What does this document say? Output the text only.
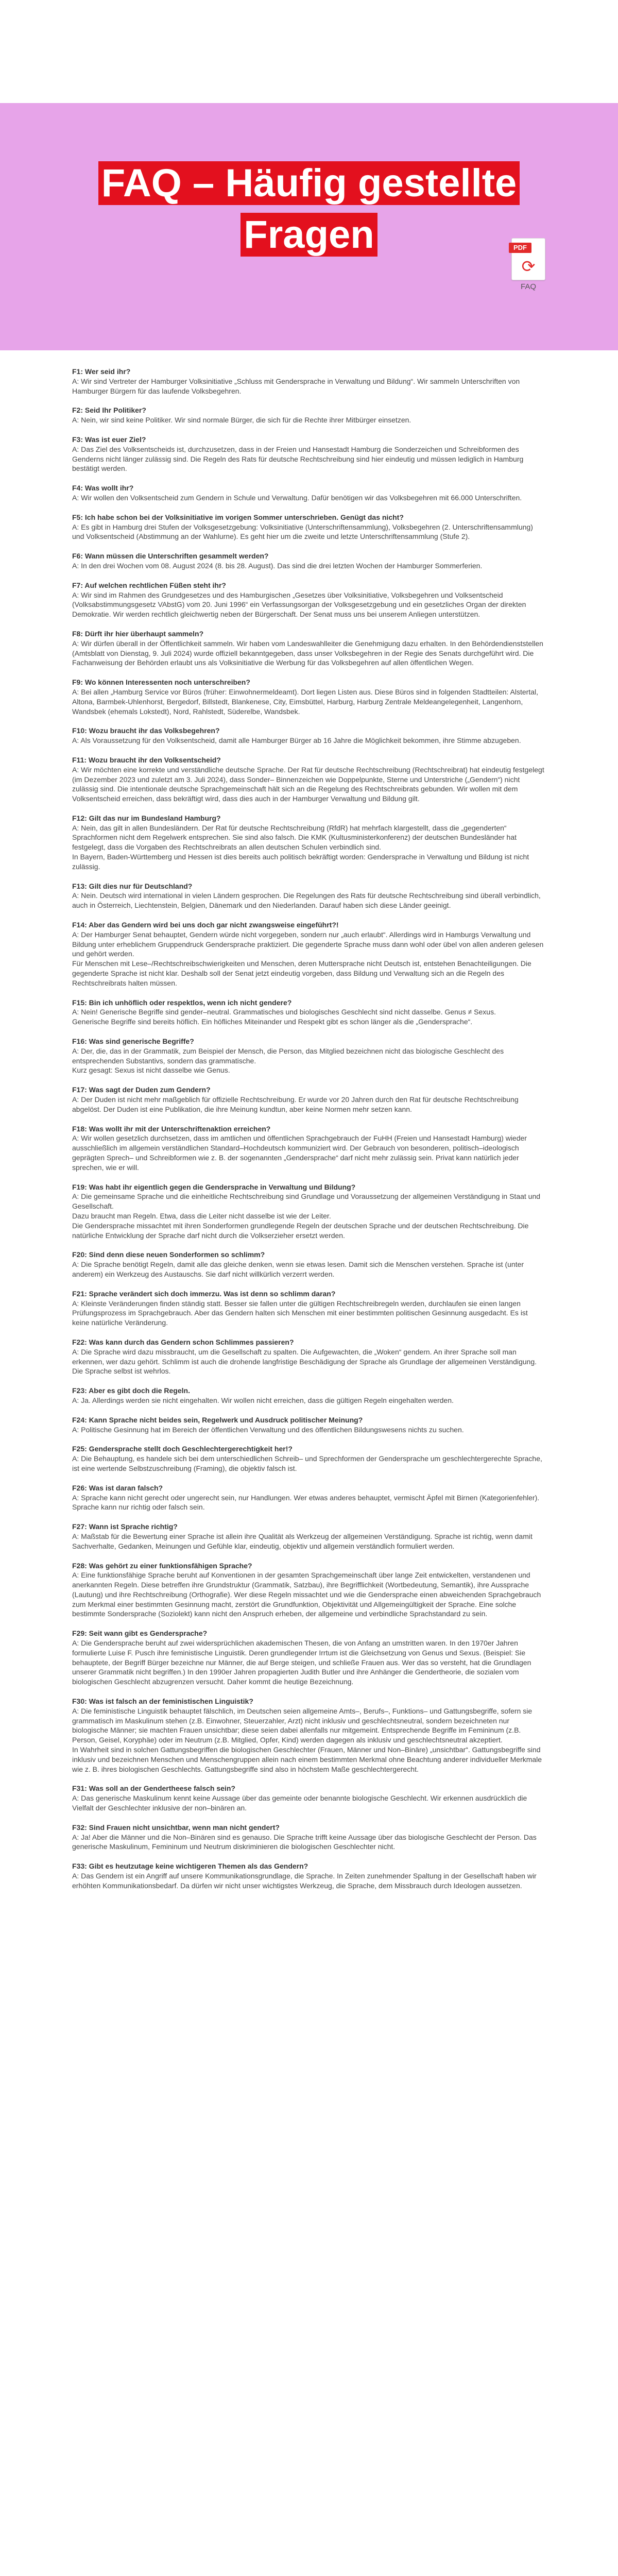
FAQ – Häufig gestellte Fragen	PDF
⟳
FAQ
F1: Wer seid ihr?
A: Wir sind Vertreter der Hamburger Volksinitiative „Schluss mit Gendersprache in Verwaltung und Bildung“. Wir sammeln Unterschriften von Hamburger Bürgern für das laufende Volksbegehren.
F2: Seid Ihr Politiker?
A: Nein, wir sind keine Politiker. Wir sind normale Bürger, die sich für die Rechte ihrer Mitbürger einsetzen.
F3: Was ist euer Ziel?
A: Das Ziel des Volksentscheids ist, durchzusetzen, dass in der Freien und Hansestadt Hamburg die Sonderzeichen und Schreibformen des Genderns nicht länger zulässig sind. Die Regeln des Rats für deutsche Rechtschreibung sind hier eindeutig und müssen lediglich in Hamburg bestätigt werden.
F4: Was wollt ihr?
A: Wir wollen den Volksentscheid zum Gendern in Schule und Verwaltung. Dafür benötigen wir das Volksbegehren mit 66.000 Unterschriften.
F5: Ich habe schon bei der Volksinitiative im vorigen Sommer unterschrieben. Genügt das nicht?
A: Es gibt in Hamburg drei Stufen der Volksgesetzgebung: Volksinitiative (Unterschriftensammlung), Volksbegehren (2. Unterschriftensammlung) und Volksentscheid (Abstimmung an der Wahlurne). Es geht hier um die zweite und letzte Unterschriftensammlung (Stufe 2).
F6: Wann müssen die Unterschriften gesammelt werden?
A: In den drei Wochen vom 08. August 2024 (8. bis 28. August). Das sind die drei letzten Wochen der Hamburger Sommerferien.
F7: Auf welchen rechtlichen Füßen steht ihr?
A: Wir sind im Rahmen des Grundgesetzes und des Hamburgischen „Gesetzes über Volksinitiative, Volksbegehren und Volksentscheid (Volksabstimmungsgesetz VAbstG) vom 20. Juni 1996“ ein Verfassungsorgan der Volksgesetzgebung und ein gesetzliches Organ der direkten Demokratie. Wir werden rechtlich gleichwertig neben der Bürgerschaft. Der Senat muss uns bei unserem Anliegen unterstützen.
F8: Dürft ihr hier überhaupt sammeln?
A: Wir dürfen überall in der Öffentlichkeit sammeln. Wir haben vom Landeswahlleiter die Genehmigung dazu erhalten. In den Behördendienststellen (Amtsblatt von Dienstag, 9. Juli 2024) wurde offiziell bekanntgegeben, dass unser Volksbegehren in der Regie des Senats durchgeführt wird. Die Fachanweisung der Behörden erlaubt uns als Volksinitiative die Werbung für das Volksbegehren auf allen öffentlichen Wegen.
F9: Wo können Interessenten noch unterschreiben?
A: Bei allen „Hamburg Service vor Büros (früher: Einwohnermeldeamt). Dort liegen Listen aus. Diese Büros sind in folgenden Stadtteilen: Alstertal, Altona, Barmbek-Uhlenhorst, Bergedorf, Billstedt, Blankenese, City, Eimsbüttel, Harburg, Harburg Zentrale Meldeangelegenheit, Langenhorn, Wandsbek (ehemals Lokstedt), Nord, Rahlstedt, Süderelbe, Wandsbek.
F10: Wozu braucht ihr das Volksbegehren?
A: Als Voraussetzung für den Volksentscheid, damit alle Hamburger Bürger ab 16 Jahre die Möglichkeit bekommen, ihre Stimme abzugeben.
F11: Wozu braucht ihr den Volksentscheid?
A: Wir möchten eine korrekte und verständliche deutsche Sprache. Der Rat für deutsche Rechtschreibung (Rechtschreibrat) hat eindeutig festgelegt (im Dezember 2023 und zuletzt am 3. Juli 2024), dass Sonder– Binnenzeichen wie Doppelpunkte, Sterne und Unterstriche („Gendern“) nicht zulässig sind. Die intentionale deutsche Sprachgemeinschaft hält sich an die Regelung des Rechtschreibrats gebunden. Wir wollen mit dem Volksentscheid erreichen, dass bekräftigt wird, dass dies auch in der Hamburger Verwaltung und Bildung gilt.
F12: Gilt das nur im Bundesland Hamburg?
A: Nein, das gilt in allen Bundesländern. Der Rat für deutsche Rechtschreibung (RfdR) hat mehrfach klargestellt, dass die „gegenderten“ Sprachformen nicht dem Regelwerk entsprechen. Sie sind also falsch. Die KMK (Kultusministerkonferenz) der deutschen Bundesländer hat festgelegt, dass die Vorgaben des Rechtschreibrats an allen deutschen Schulen verbindlich sind.
In Bayern, Baden-Württemberg und Hessen ist dies bereits auch politisch bekräftigt worden: Gendersprache in Verwaltung und Bildung ist nicht zulässig.
F13: Gilt dies nur für Deutschland?
A: Nein. Deutsch wird international in vielen Ländern gesprochen. Die Regelungen des Rats für deutsche Rechtschreibung sind überall verbindlich, auch in Österreich, Liechtenstein, Belgien, Dänemark und den Niederlanden. Darauf haben sich diese Länder geeinigt.
F14: Aber das Gendern wird bei uns doch gar nicht zwangsweise eingeführt?!
A: Der Hamburger Senat behauptet, Gendern würde nicht vorgegeben, sondern nur „auch erlaubt“. Allerdings wird in Hamburgs Verwaltung und Bildung unter erheblichem Gruppendruck Gendersprache praktiziert. Die gegenderte Sprache muss dann wohl oder übel von allen anderen gelesen und gehört werden.
Für Menschen mit Lese–/Rechtschreibschwierigkeiten und Menschen, deren Muttersprache nicht Deutsch ist, entstehen Benachteiligungen. Die gegenderte Sprache ist nicht klar. Deshalb soll der Senat jetzt eindeutig vorgeben, dass Bildung und Verwaltung sich an die Regeln des Rechtschreibrats halten müssen.
F15: Bin ich unhöflich oder respektlos, wenn ich nicht gendere?
A: Nein! Generische Begriffe sind gender–neutral. Grammatisches und biologisches Geschlecht sind nicht dasselbe. Genus ≠ Sexus.
Generische Begriffe sind bereits höflich. Ein höfliches Miteinander und Respekt gibt es schon länger als die „Gendersprache“.
F16: Was sind generische Begriffe?
A: Der, die, das in der Grammatik, zum Beispiel der Mensch, die Person, das Mitglied bezeichnen nicht das biologische Geschlecht des entsprechenden Substantivs, sondern das grammatische.
Kurz gesagt: Sexus ist nicht dasselbe wie Genus.
F17: Was sagt der Duden zum Gendern?
A: Der Duden ist nicht mehr maßgeblich für offizielle Rechtschreibung. Er wurde vor 20 Jahren durch den Rat für deutsche Rechtschreibung abgelöst. Der Duden ist eine Publikation, die ihre Meinung kundtun, aber keine Normen mehr setzen kann.
F18: Was wollt ihr mit der Unterschriftenaktion erreichen?
A: Wir wollen gesetzlich durchsetzen, dass im amtlichen und öffentlichen Sprachgebrauch der FuHH (Freien und Hansestadt Hamburg) wieder ausschließlich im allgemein verständlichen Standard–Hochdeutsch kommuniziert wird. Der Gebrauch von besonderen, politisch–ideologisch geprägten Sprech– und Schreibformen wie z. B. der sogenannten „Gendersprache“ darf nicht mehr zulässig sein. Privat kann natürlich jeder sprechen, wie er will.
F19: Was habt ihr eigentlich gegen die Gendersprache in Verwaltung und Bildung?
A: Die gemeinsame Sprache und die einheitliche Rechtschreibung sind Grundlage und Voraussetzung der allgemeinen Verständigung in Staat und Gesellschaft.
Dazu braucht man Regeln. Etwa, dass die Leiter nicht dasselbe ist wie der Leiter.
Die Gendersprache missachtet mit ihren Sonderformen grundlegende Regeln der deutschen Sprache und der deutschen Rechtschreibung. Die natürliche Entwicklung der Sprache darf nicht durch die Volkserzieher ersetzt werden.
F20: Sind denn diese neuen Sonderformen so schlimm?
A: Die Sprache benötigt Regeln, damit alle das gleiche denken, wenn sie etwas lesen. Damit sich die Menschen verstehen. Sprache ist (unter anderem) ein Werkzeug des Austauschs. Sie darf nicht willkürlich verzerrt werden.
F21: Sprache verändert sich doch immerzu. Was ist denn so schlimm daran?
A: Kleinste Veränderungen finden ständig statt. Besser sie fallen unter die gültigen Rechtschreibregeln werden, durchlaufen sie einen langen Prüfungsprozess im Sprachgebrauch. Aber das Gendern halten sich Menschen mit einer bestimmten politischen Gesinnung ausgedacht. Es ist keine natürliche Veränderung.
F22: Was kann durch das Gendern schon Schlimmes passieren?
A: Die Sprache wird dazu missbraucht, um die Gesellschaft zu spalten. Die Aufgewachten, die „Woken“ gendern. An ihrer Sprache soll man erkennen, wer dazu gehört. Schlimm ist auch die drohende langfristige Beschädigung der Sprache als Grundlage der allgemeinen Verständigung. Die Sprache selbst ist wehrlos.
F23: Aber es gibt doch die Regeln.
A: Ja. Allerdings werden sie nicht eingehalten. Wir wollen nicht erreichen, dass die gültigen Regeln eingehalten werden.
F24: Kann Sprache nicht beides sein, Regelwerk und Ausdruck politischer Meinung?
A: Politische Gesinnung hat im Bereich der öffentlichen Verwaltung und des öffentlichen Bildungswesens nichts zu suchen.
F25: Gendersprache stellt doch Geschlechtergerechtigkeit her!?
A: Die Behauptung, es handele sich bei dem unterschiedlichen Schreib– und Sprechformen der Gendersprache um geschlechtergerechte Sprache, ist eine wertende Selbstzuschreibung (Framing), die objektiv falsch ist.
F26: Was ist daran falsch?
A: Sprache kann nicht gerecht oder ungerecht sein, nur Handlungen. Wer etwas anderes behauptet, vermischt Äpfel mit Birnen (Kategorienfehler). Sprache kann nur richtig oder falsch sein.
F27: Wann ist Sprache richtig?
A: Maßstab für die Bewertung einer Sprache ist allein ihre Qualität als Werkzeug der allgemeinen Verständigung. Sprache ist richtig, wenn damit Sachverhalte, Gedanken, Meinungen und Gefühle klar, eindeutig, objektiv und allgemein verständlich formuliert werden.
F28: Was gehört zu einer funktionsfähigen Sprache?
A: Eine funktionsfähige Sprache beruht auf Konventionen in der gesamten Sprachgemeinschaft über lange Zeit entwickelten, verstandenen und anerkannten Regeln. Diese betreffen ihre Grundstruktur (Grammatik, Satzbau), ihre Begrifflichkeit (Wortbedeutung, Semantik), ihre Aussprache (Lautung) und ihre Rechtschreibung (Orthografie). Wer diese Regeln missachtet und wie die Gendersprache einen abweichenden Sprachgebrauch zum Merkmal einer bestimmten Gesinnung macht, zerstört die Grundfunktion, Objektivität und Allgemeingültigkeit der Sprache. Eine solche bestimmte Sondersprache (Soziolekt) kann nicht den Anspruch erheben, der allgemeine und verbindliche Sprachstandard zu sein.
F29: Seit wann gibt es Gendersprache?
A: Die Gendersprache beruht auf zwei widersprüchlichen akademischen Thesen, die von Anfang an umstritten waren. In den 1970er Jahren formulierte Luise F. Pusch ihre feministische Linguistik. Deren grundlegender Irrtum ist die Gleichsetzung von Genus und Sexus. (Beispiel: Sie behauptete, der Begriff Bürger bezeichne nur Männer, die auf Berge steigen, und schließe Frauen aus. Wer das so versteht, hat die Grundlagen unserer Grammatik nicht begriffen.) In den 1990er Jahren propagierten Judith Butler und ihre Anhänger die Gendertheorie, die sozialen vom biologischen Geschlecht abzugrenzen versucht. Daher kommt die heutige Bezeichnung.
F30: Was ist falsch an der feministischen Linguistik?
A: Die feministische Linguistik behauptet fälschlich, im Deutschen seien allgemeine Amts–, Berufs–, Funktions– und Gattungsbegriffe, sofern sie grammatisch im Maskulinum stehen (z.B. Einwohner, Steuerzahler, Arzt) nicht inklusiv und geschlechtsneutral, sondern bezeichneten nur biologische Männer; sie machten Frauen unsichtbar; diese seien dabei allenfalls nur mitgemeint. Entsprechende Begriffe im Femininum (z.B. Person, Geisel, Koryphäe) oder im Neutrum (z.B. Mitglied, Opfer, Kind) werden dagegen als inklusiv und geschlechtsneutral akzeptiert.
In Wahrheit sind in solchen Gattungsbegriffen die biologischen Geschlechter (Frauen, Männer und Non–Binäre) „unsichtbar“. Gattungsbegriffe sind inklusiv und bezeichnen Menschen und Menschengruppen allein nach einem bestimmten Merkmal ohne Beachtung anderer individueller Merkmale wie z. B. ihres biologischen Geschlechts. Gattungsbegriffe sind also in höchstem Maße geschlechtergerecht.
F31: Was soll an der Gendertheese falsch sein?
A: Das generische Maskulinum kennt keine Aussage über das gemeinte oder benannte biologische Geschlecht. Wir erkennen ausdrücklich die Vielfalt der Geschlechter inklusive der non–binären an.
F32: Sind Frauen nicht unsichtbar, wenn man nicht gendert?
A: Ja! Aber die Männer und die Non–Binären sind es genauso. Die Sprache trifft keine Aussage über das biologische Geschlecht der Person. Das generische Maskulinum, Femininum und Neutrum diskriminieren die biologischen Geschlechter nicht.
F33: Gibt es heutzutage keine wichtigeren Themen als das Gendern?
A: Das Gendern ist ein Angriff auf unsere Kommunikationsgrundlage, die Sprache. In Zeiten zunehmender Spaltung in der Gesellschaft haben wir erhöhten Kommunikationsbedarf. Da dürfen wir nicht unser wichtigstes Werkzeug, die Sprache, dem Missbrauch durch Ideologen aussetzen.
